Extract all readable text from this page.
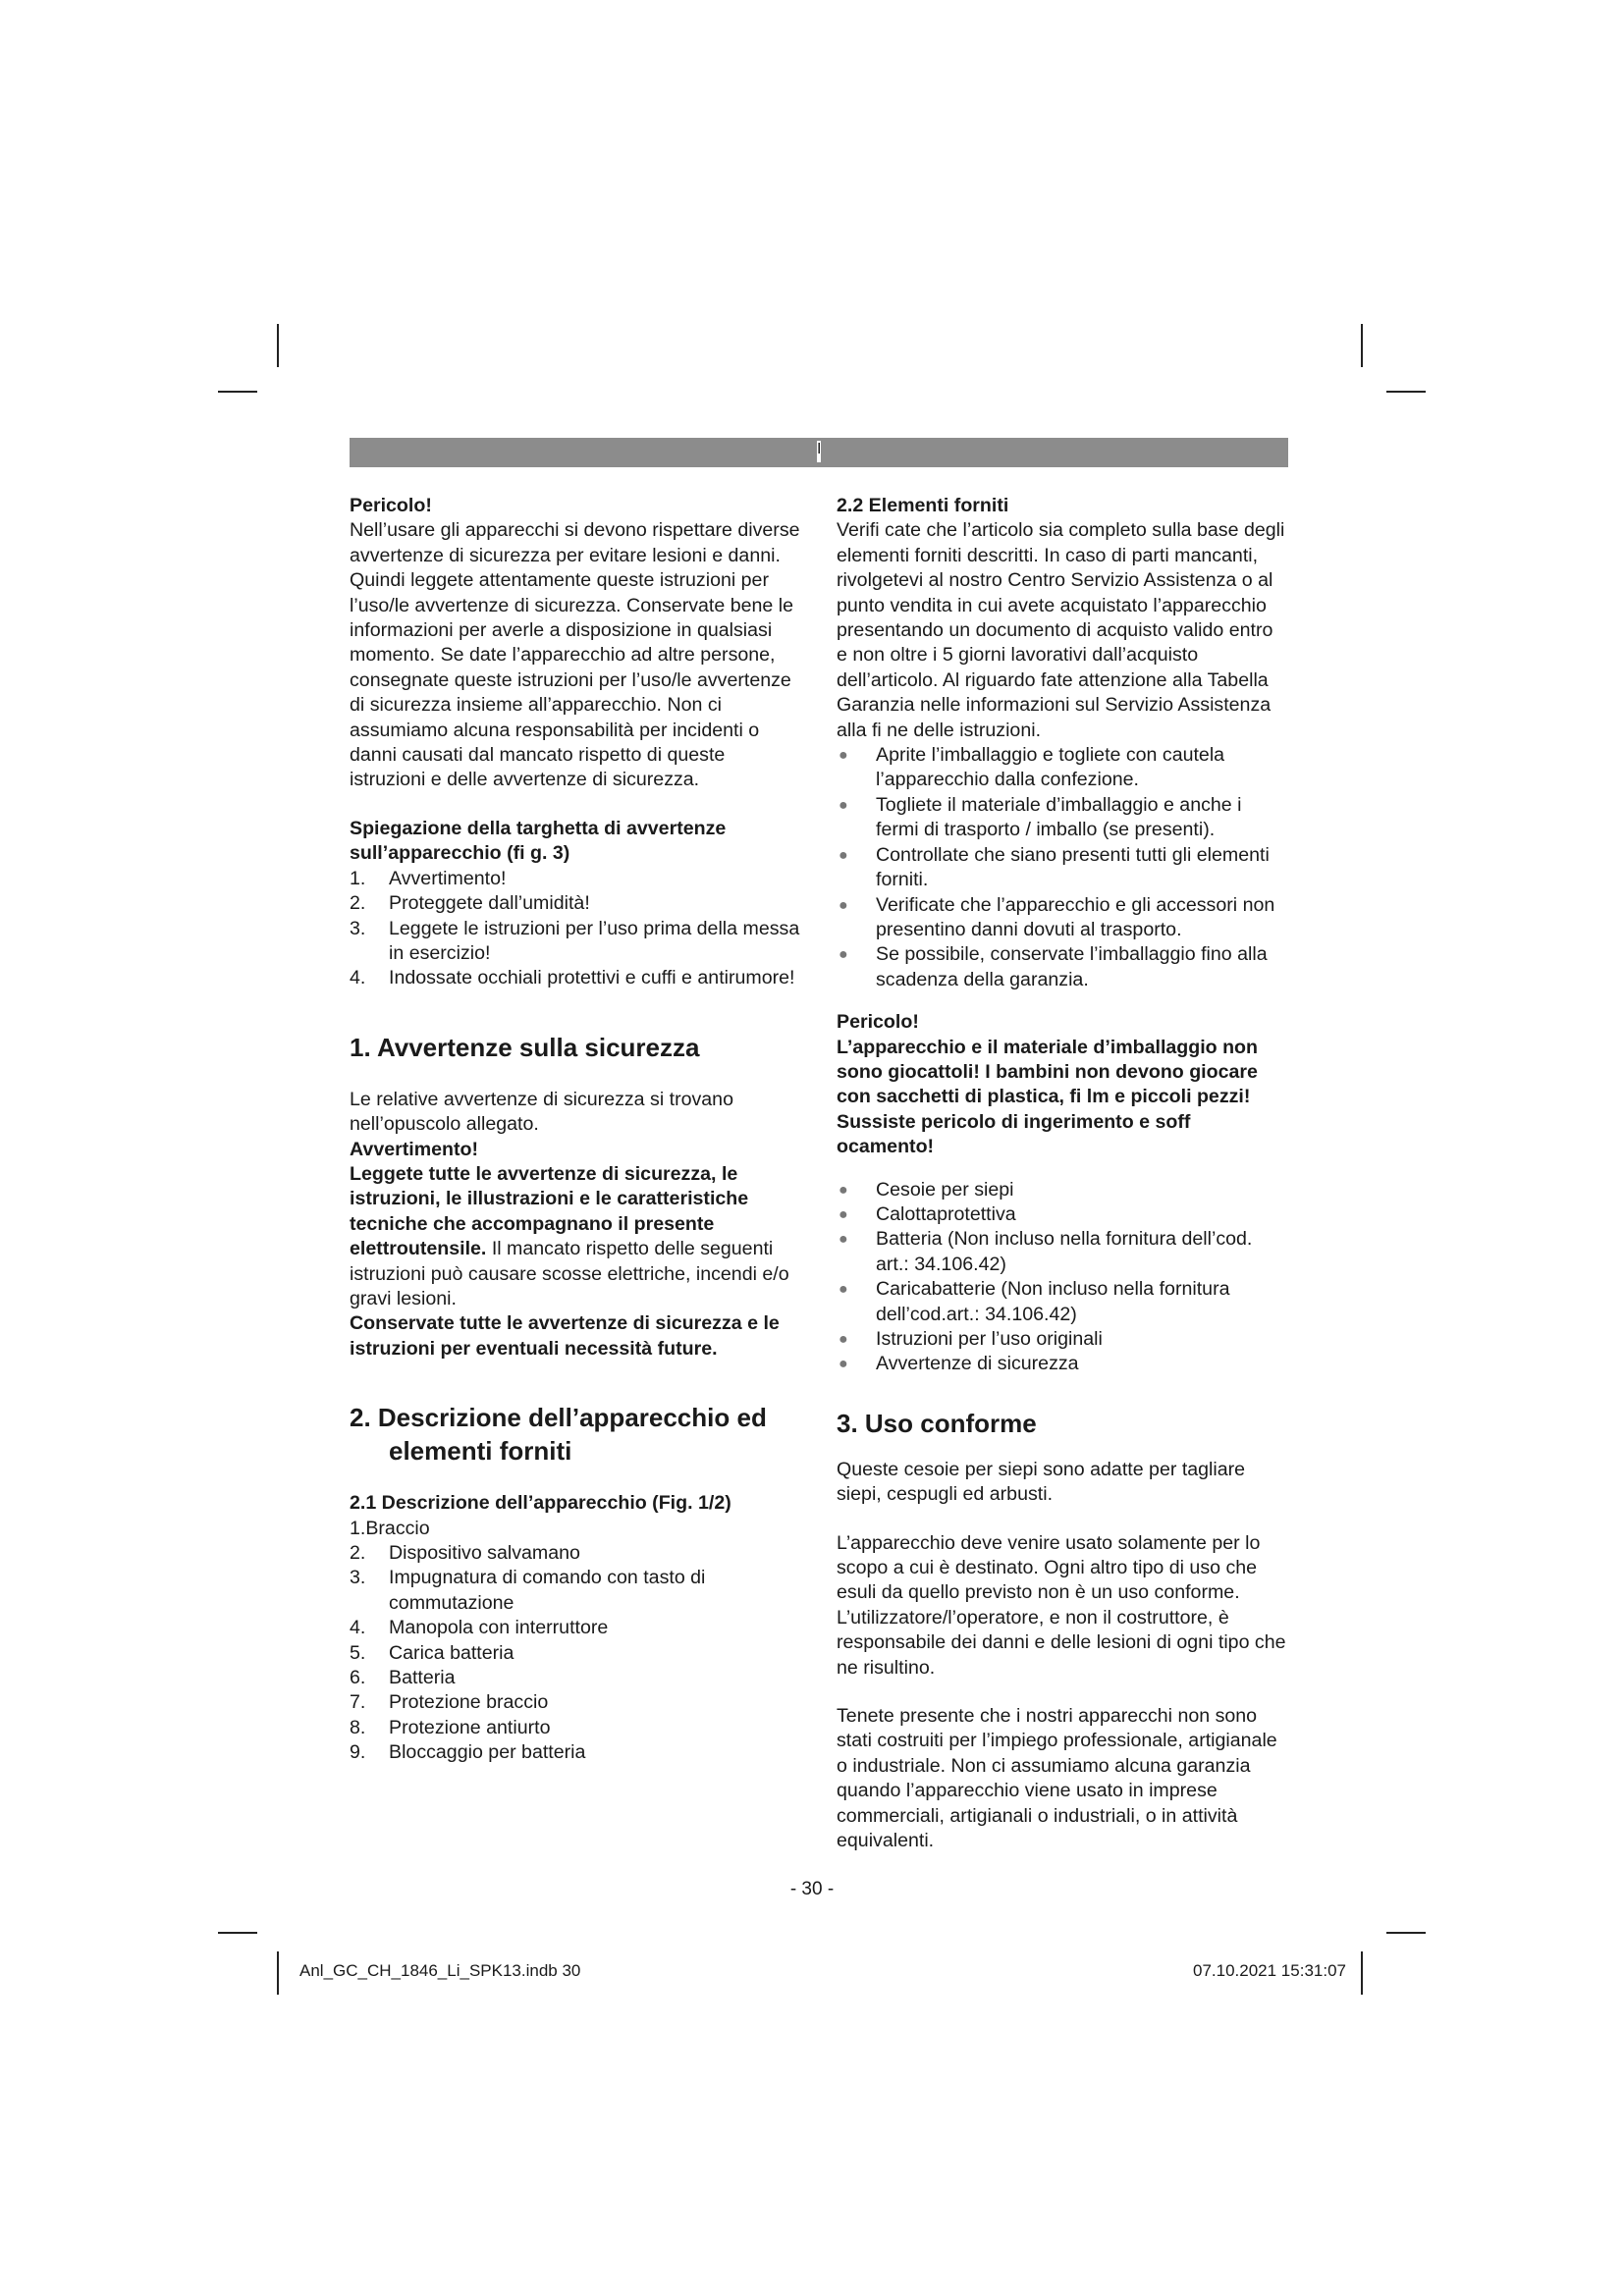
I

Pericolo!

Nell’usare gli apparecchi si devono rispettare diverse avvertenze di sicurezza per evitare lesioni e danni. Quindi leggete attentamente queste istruzioni per l’uso/le avvertenze di sicurezza. Conservate bene le informazioni per averle a disposizione in qualsiasi momento. Se date l’apparecchio ad altre persone, consegnate queste istruzioni per l’uso/le avvertenze di sicurezza insieme all’apparecchio. Non ci assumiamo alcuna responsabilità per incidenti o danni causati dal mancato rispetto di queste istruzioni e delle avvertenze di sicurezza.

Spiegazione della targhetta di avvertenze sull’apparecchio (fi g. 3)

1. Avvertimento!
2. Proteggete dall’umidità!
3. Leggete le istruzioni per l’uso prima della messa in esercizio!
4. Indossate occhiali protettivi e cuffi e antirumore!

1. Avvertenze sulla sicurezza

Le relative avvertenze di sicurezza si trovano nell’opuscolo allegato.

Avvertimento!

Leggete tutte le avvertenze di sicurezza, le istruzioni, le illustrazioni e le caratteristiche tecniche che accompagnano il presente elettroutensile. Il mancato rispetto delle seguenti istruzioni può causare scosse elettriche, incendi e/o gravi lesioni.

Conservate tutte le avvertenze di sicurezza e le istruzioni per eventuali necessità future.

2. Descrizione dell’apparecchio ed elementi forniti

2.1 Descrizione dell’apparecchio (Fig. 1/2)

1.Braccio

2. Dispositivo salvamano
3. Impugnatura di comando con tasto di commutazione
4. Manopola con interruttore
5. Carica batteria
6. Batteria
7. Protezione braccio
8. Protezione antiurto
9. Bloccaggio per batteria

2.2 Elementi forniti

Verifi cate che l’articolo sia completo sulla base degli elementi forniti descritti. In caso di parti mancanti, rivolgetevi al nostro Centro Servizio Assistenza o al punto vendita in cui avete acquistato l’apparecchio presentando un documento di acquisto valido entro e non oltre i 5 giorni lavorativi dall’acquisto dell’articolo. Al riguardo fate attenzione alla Tabella Garanzia nelle informazioni sul Servizio Assistenza alla fi ne delle istruzioni.

● Aprite l’imballaggio e togliete con cautela l’apparecchio dalla confezione.
● Togliete il materiale d’imballaggio e anche i fermi di trasporto / imballo (se presenti).
● Controllate che siano presenti tutti gli elementi forniti.
● Verificate che l’apparecchio e gli accessori non presentino danni dovuti al trasporto.
● Se possibile, conservate l’imballaggio fino alla scadenza della garanzia.

Pericolo!

L’apparecchio e il materiale d’imballaggio non sono giocattoli! I bambini non devono giocare con sacchetti di plastica, fi lm e piccoli pezzi! Sussiste pericolo di ingerimento e soff ocamento!

● Cesoie per siepi
● Calottaprotettiva
● Batteria (Non incluso nella fornitura dell’cod. art.: 34.106.42)
● Caricabatterie (Non incluso nella fornitura dell’cod.art.: 34.106.42)
● Istruzioni per l’uso originali
● Avvertenze di sicurezza

3. Uso conforme

Queste cesoie per siepi sono adatte per tagliare siepi, cespugli ed arbusti.

L’apparecchio deve venire usato solamente per lo scopo a cui è destinato. Ogni altro tipo di uso che esuli da quello previsto non è un uso conforme. L’utilizzatore/l’operatore, e non il costruttore, è responsabile dei danni e delle lesioni di ogni tipo che ne risultino.

Tenete presente che i nostri apparecchi non sono stati costruiti per l’impiego professionale, artigianale o industriale. Non ci assumiamo alcuna garanzia quando l’apparecchio viene usato in imprese commerciali, artigianali o industriali, o in attività equivalenti.

- 30 -
Anl_GC_CH_1846_Li_SPK13.indb 30	07.10.2021 15:31:07
